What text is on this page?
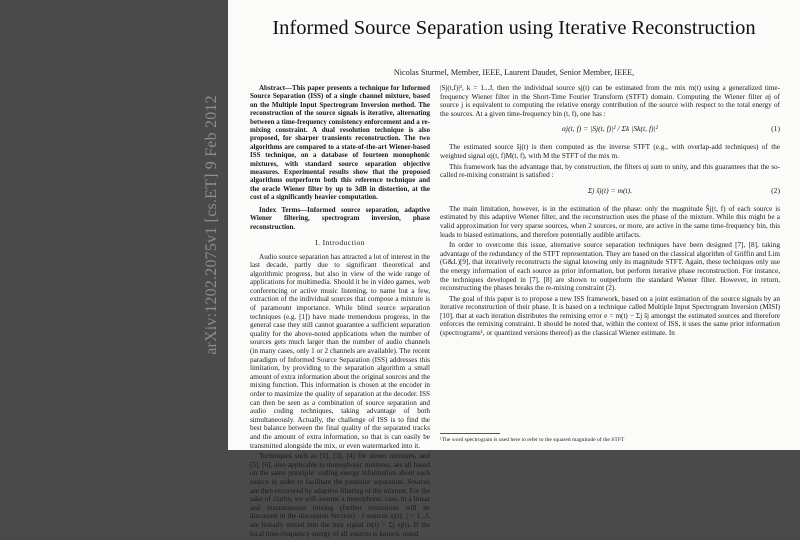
arXiv:1202.2075v1 [cs.ET] 9 Feb 2012
Informed Source Separation using Iterative Reconstruction
Nicolas Sturmel, Member, IEEE, Laurent Daudet, Senior Member, IEEE,

Abstract—This paper presents a technique for Informed Source Separation (ISS) of a single channel mixture, based on the Multiple Input Spectrogram Inversion method. The reconstruction of the source signals is iterative, alternating between a time-frequency consistency enforcement and a re-mixing constraint. A dual resolution technique is also proposed, for sharper transients reconstruction. The two algorithms are compared to a state-of-the-art Wiener-based ISS technique, on a database of fourteen monophonic mixtures, with standard source separation objective measures. Experimental results show that the proposed algorithms outperform both this reference technique and the oracle Wiener filter by up to 3dB in distortion, at the cost of a significantly heavier computation.

Index Terms—Informed source separation, adaptive Wiener filtering, spectrogram inversion, phase reconstruction.

I. Introduction

Audio source separation has attracted a lot of interest in the last decade, partly due to significant theoretical and algorithmic progress, but also in view of the wide range of applications for multimedia. Should it be in video games, web conferencing or active music listening, to name but a few, extraction of the individual sources that compose a mixture is of paramount importance. While blind source separation techniques (e.g. [1]) have made tremendous progress, in the general case they still cannot guarantee a sufficient separation quality for the above-noted applications when the number of sources gets much larger than the number of audio channels (in many cases, only 1 or 2 channels are available). The recent paradigm of Informed Source Separation (ISS) addresses this limitation, by providing to the separation algorithm a small amount of extra information about the original sources and the mixing function. This information is chosen at the encoder in order to maximize the quality of separation at the decoder. ISS can then be seen as a combination of source separation and audio coding techniques, taking advantage of both simultaneously. Actually, the challenge of ISS is to find the best balance between the final quality of the separated tracks and the amount of extra information, so that is can easily be transmitted alongside the mix, or even watermarked into it.

Techniques such as [2], [3], [4] for stereo mixtures, and [5], [6], also applicable to monophonic mixtures, are all based on the same principle: coding energy information about each source in order to facilitate the posterior separation. Sources are then recovered by adaptive filtering of the mixture. For the sake of clarity, we will assume a monophonic case, in a linear and instantaneous mixing (further extensions will be discussed in the discussion Section) : J sources sj(t), j = 1...J, are linearly mixed into the mix signal m(t) = Σj sj(t). If the local time-frequency energy of all sources is known, noted

|Sj(t,f)|², k = 1...J, then the individual source sj(t) can be estimated from the mix m(t) using a generalized time-frequency Wiener filter in the Short-Time Fourier Transform (STFT) domain. Computing the Wiener filter αj of source j is equivalent to computing the relative energy contribution of the source with respect to the total energy of the sources. At a given time-frequency bin (t, f), one has :

αj(t, f) = |Sj(t, f)|² / Σk |Sk(t, f)|²	(1)

The estimated source ŝj(t) is then computed as the inverse STFT (e.g., with overlap-add techniques) of the weighted signal αj(t, f)M(t, f), with M the STFT of the mix m.

This framework has the advantage that, by construction, the filters αj sum to unity, and this guarantees that the so-called re-mixing constraint is satisfied :

Σj ŝj(t) = m(t).	(2)

The main limitation, however, is in the estimation of the phase: only the magnitude Ŝj(t, f) of each source is estimated by this adaptive Wiener filter, and the reconstruction uses the phase of the mixture. While this might be a valid approximation for very sparse sources, when 2 sources, or more, are active in the same time-frequency bin, this leads to biased estimations, and therefore potentially audible artifacts.

In order to overcome this issue, alternative source separation techniques have been designed [7], [8], taking advantage of the redundancy of the STFT representation. They are based on the classical algorithm of Griffin and Lim (G&L)[9], that iteratively reconstructs the signal knowing only its magnitude STFT. Again, these techniques only use the energy information of each source as prior information, but perform iterative phase reconstruction. For instance, the techniques developed in [7], [8] are shown to outperform the standard Wiener filter. However, in return, reconstructing the phases breaks the re-mixing constraint (2).

The goal of this paper is to propose a new ISS framework, based on a joint estimation of the source signals by an iterative reconstruction of their phase. It is based on a technique called Multiple Input Spectrogram Inversion (MISI) [10], that at each iteration distributes the remixing error e = m(t) − Σj ŝj amongst the estimated sources and therefore enforces the remixing constraint. It should be noted that, within the context of ISS, it uses the same prior information (spectrograms¹, or quantized versions thereof) as the classical Wiener estimate. In

¹The word spectrogram is used here to refer to the squared magnitude of the STFT
